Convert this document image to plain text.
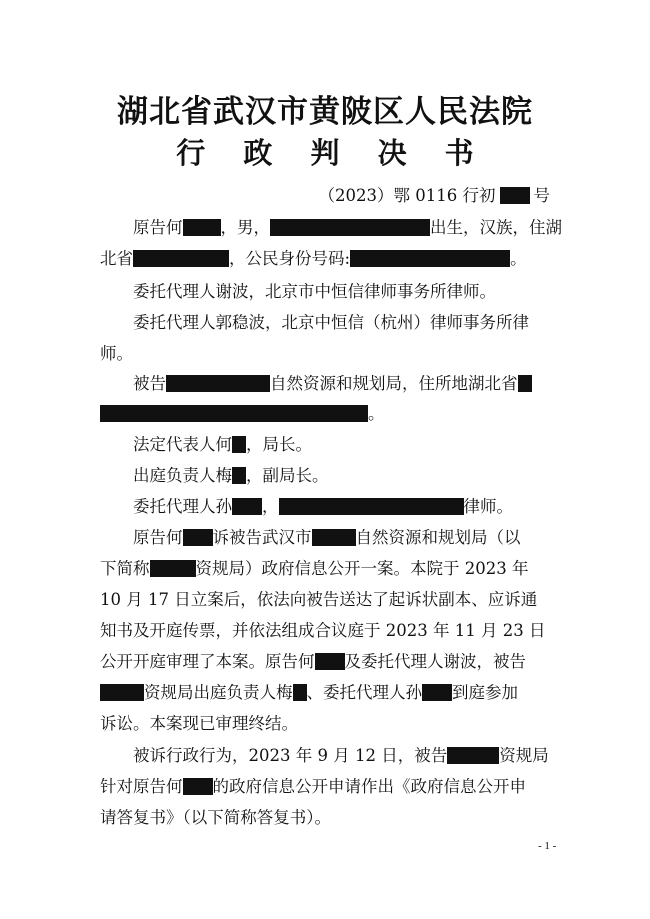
湖北省武汉市黄陂区人民法院
行 政 判 决 书
（2023）鄂 0116 行初 号
原告何 ，男，	出生，汉族，住湖
北省	，公民身份号码:	。
委托代理人谢波，北京市中恒信律师事务所律师。
委托代理人郭稳波，北京中恒信（杭州）律师事务所律
师。
被告	自然资源和规划局，住所地湖北省
。
法定代表人何 ，局长。
出庭负责人梅 ，副局长。
委托代理人孙 ，	律师。
原告何 诉被告武汉市	自然资源和规划局（以
下简称	资规局）政府信息公开一案。本院于 2023 年
10 月 17 日立案后，依法向被告送达了起诉状副本、应诉通
知书及开庭传票，并依法组成合议庭于 2023 年 11 月 23 日
公开开庭审理了本案。原告何 及委托代理人谢波，被告
资规局出庭负责人梅 、委托代理人孙 到庭参加
诉讼。本案现已审理终结。
被诉行政行为，2023 年 9 月 12 日，被告	资规局
针对原告何 的政府信息公开申请作出《政府信息公开申
请答复书》（以下简称答复书）。
- 1 -
